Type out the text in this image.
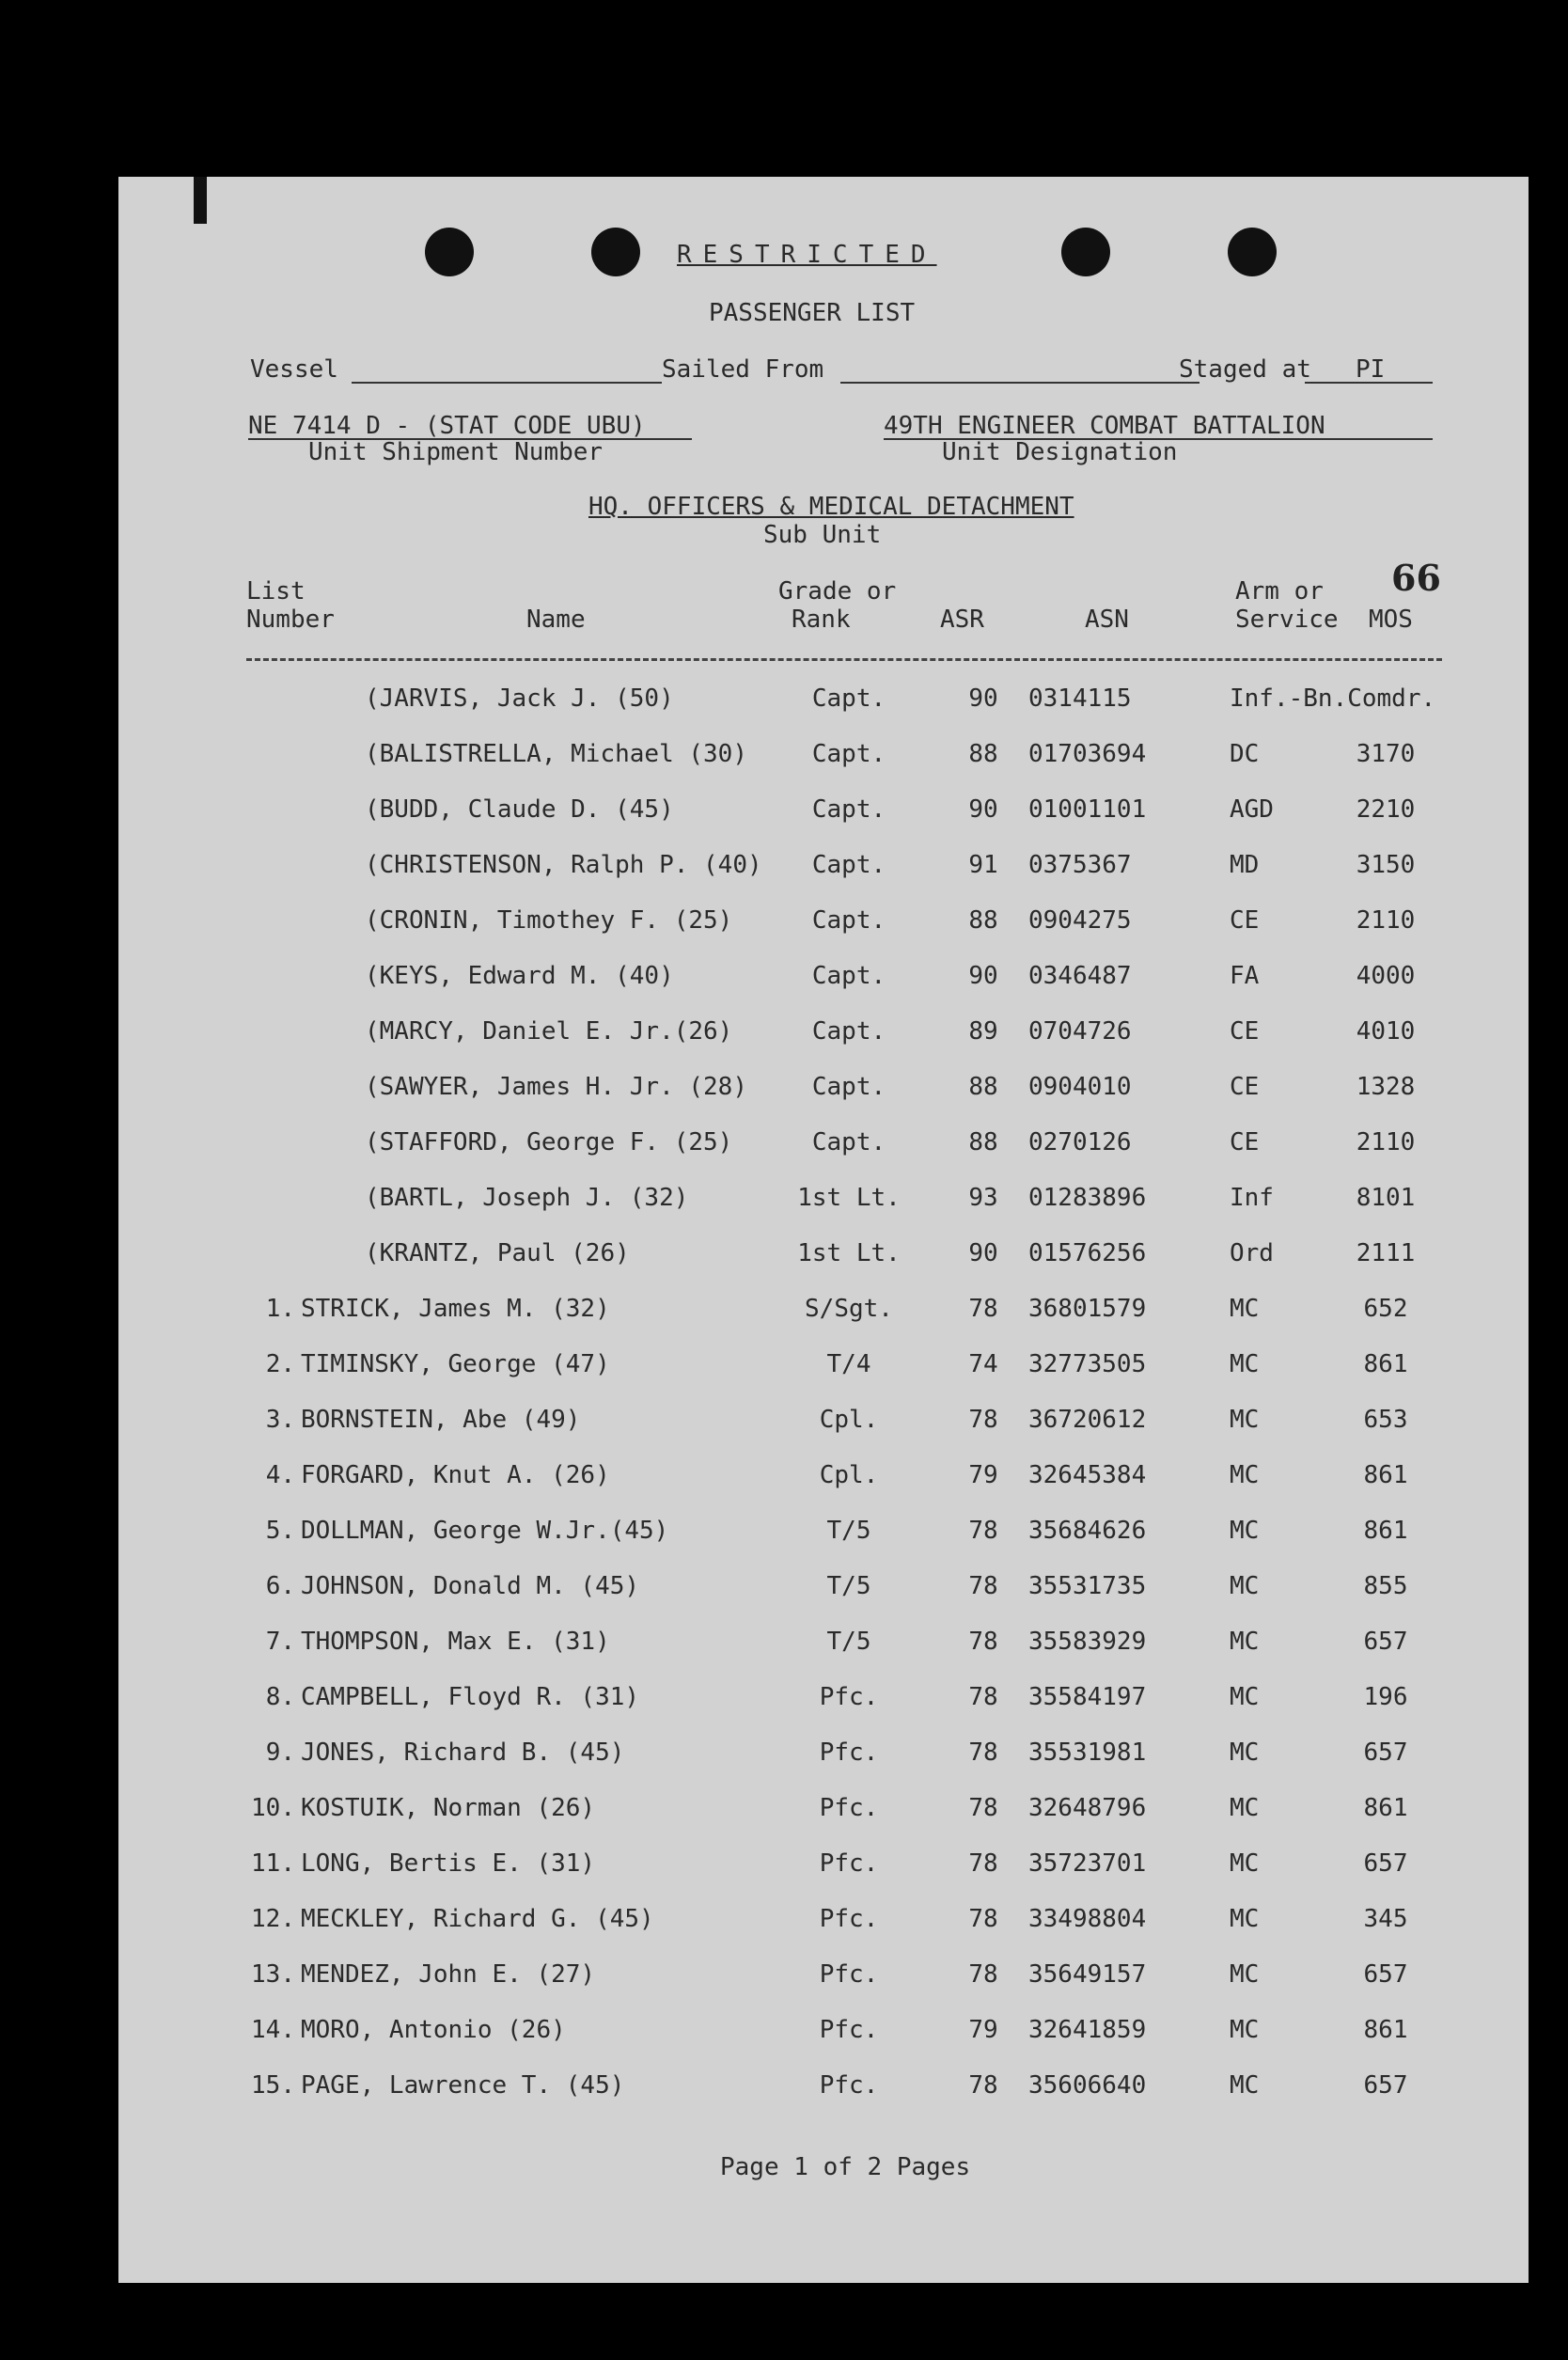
RESTRICTED
PASSENGER LIST
Vessel	Sailed From	Staged at PI
NE 7414 D - (STAT CODE UBU)
Unit Shipment Number
49TH ENGINEER COMBAT BATTALION
Unit Designation
HQ. OFFICERS & MEDICAL DETACHMENT
Sub Unit
66
List
Number	Name
Grade or
Rank	ASR	ASN
Arm or
Service MOS
(JARVIS, Jack J. (50)	Capt.	90	0314115	Inf.-Bn.Comdr.
(BALISTRELLA, Michael (30)	Capt.	88	01703694	DC	3170
(BUDD, Claude D. (45)	Capt.	90	01001101	AGD	2210
(CHRISTENSON, Ralph P. (40)	Capt.	91	0375367	MD	3150
(CRONIN, Timothey F. (25)	Capt.	88	0904275	CE	2110
(KEYS, Edward M. (40)	Capt.	90	0346487	FA	4000
(MARCY, Daniel E. Jr.(26)	Capt.	89	0704726	CE	4010
(SAWYER, James H. Jr. (28)	Capt.	88	0904010	CE	1328
(STAFFORD, George F. (25)	Capt.	88	0270126	CE	2110
(BARTL, Joseph J. (32)	1st Lt.	93	01283896	Inf	8101
(KRANTZ, Paul (26)	1st Lt.	90	01576256	Ord	2111
1. STRICK, James M. (32)	S/Sgt.	78	36801579	MC	652
2. TIMINSKY, George (47)	T/4	74	32773505	MC	861
3. BORNSTEIN, Abe (49)	Cpl.	78	36720612	MC	653
4. FORGARD, Knut A. (26)	Cpl.	79	32645384	MC	861
5. DOLLMAN, George W.Jr.(45)	T/5	78	35684626	MC	861
6. JOHNSON, Donald M. (45)	T/5	78	35531735	MC	855
7. THOMPSON, Max E. (31)	T/5	78	35583929	MC	657
8. CAMPBELL, Floyd R. (31)	Pfc.	78	35584197	MC	196
9. JONES, Richard B. (45)	Pfc.	78	35531981	MC	657
10. KOSTUIK, Norman (26)	Pfc.	78	32648796	MC	861
11. LONG, Bertis E. (31)	Pfc.	78	35723701	MC	657
12. MECKLEY, Richard G. (45)	Pfc.	78	33498804	MC	345
13. MENDEZ, John E. (27)	Pfc.	78	35649157	MC	657
14. MORO, Antonio (26)	Pfc.	79	32641859	MC	861
15. PAGE, Lawrence T. (45)	Pfc.	78	35606640	MC	657
Page 1 of 2 Pages
